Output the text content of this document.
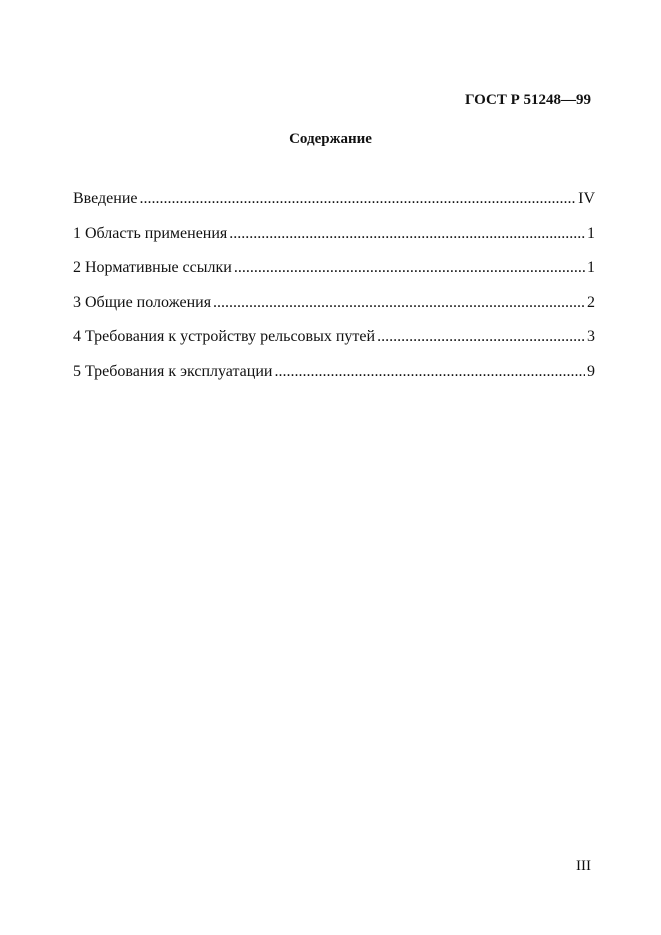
ГОСТ Р 51248—99
Содержание
Введение .....	IV
1 Область применения .....	1
2 Нормативные ссылки .....	1
3 Общие положения .....	2
4 Требования к устройству рельсовых путей .....	3
5 Требования к эксплуатации .....	9
III
